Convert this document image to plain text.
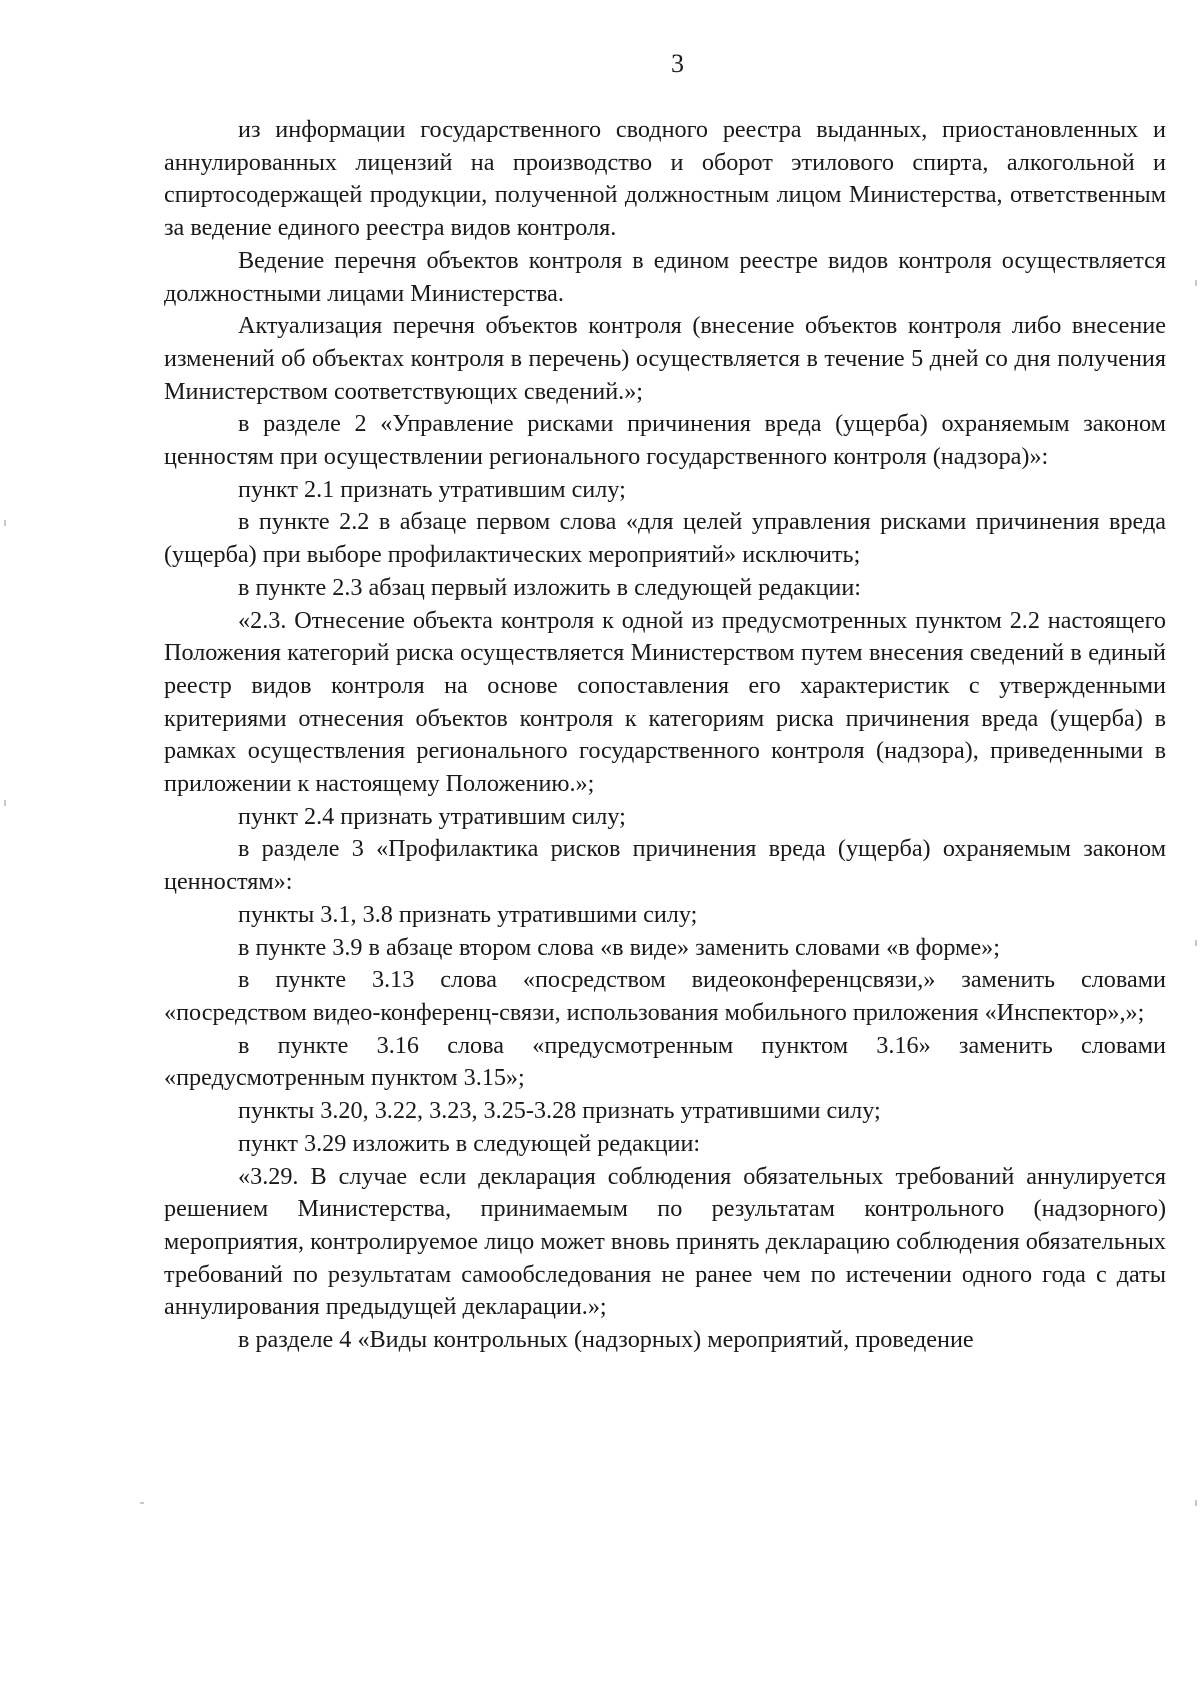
3

из информации государственного сводного реестра выданных, приостановленных и аннулированных лицензий на производство и оборот этилового спирта, алкогольной и спиртосодержащей продукции, полученной должностным лицом Министерства, ответственным за ведение единого реестра видов контроля.

Ведение перечня объектов контроля в едином реестре видов контроля осуществляется должностными лицами Министерства.

Актуализация перечня объектов контроля (внесение объектов контроля либо внесение изменений об объектах контроля в перечень) осуществляется в течение 5 дней со дня получения Министерством соответствующих сведений.»;

в разделе 2 «Управление рисками причинения вреда (ущерба) охраняемым законом ценностям при осуществлении регионального государственного контроля (надзора)»:

пункт 2.1 признать утратившим силу;

в пункте 2.2 в абзаце первом слова «для целей управления рисками причинения вреда (ущерба) при выборе профилактических мероприятий» исключить;

в пункте 2.3 абзац первый изложить в следующей редакции:

«2.3. Отнесение объекта контроля к одной из предусмотренных пунктом 2.2 настоящего Положения категорий риска осуществляется Министерством путем внесения сведений в единый реестр видов контроля на основе сопоставления его характеристик с утвержденными критериями отнесения объектов контроля к категориям риска причинения вреда (ущерба) в рамках осуществления регионального государственного контроля (надзора), приведенными в приложении к настоящему Положению.»;

пункт 2.4 признать утратившим силу;

в разделе 3 «Профилактика рисков причинения вреда (ущерба) охраняемым законом ценностям»:

пункты 3.1, 3.8 признать утратившими силу;

в пункте 3.9 в абзаце втором слова «в виде» заменить словами «в форме»;

в пункте 3.13 слова «посредством видеоконференцсвязи,» заменить словами «посредством видео-конференц-связи, использования мобильного приложения «Инспектор»,»;

в пункте 3.16 слова «предусмотренным пунктом 3.16» заменить словами «предусмотренным пунктом 3.15»;

пункты 3.20, 3.22, 3.23, 3.25-3.28 признать утратившими силу;

пункт 3.29 изложить в следующей редакции:

«3.29. В случае если декларация соблюдения обязательных требований аннулируется решением Министерства, принимаемым по результатам контрольного (надзорного) мероприятия, контролируемое лицо может вновь принять декларацию соблюдения обязательных требований по результатам самообследования не ранее чем по истечении одного года с даты аннулирования предыдущей декларации.»;

в разделе 4 «Виды контрольных (надзорных) мероприятий, проведение
